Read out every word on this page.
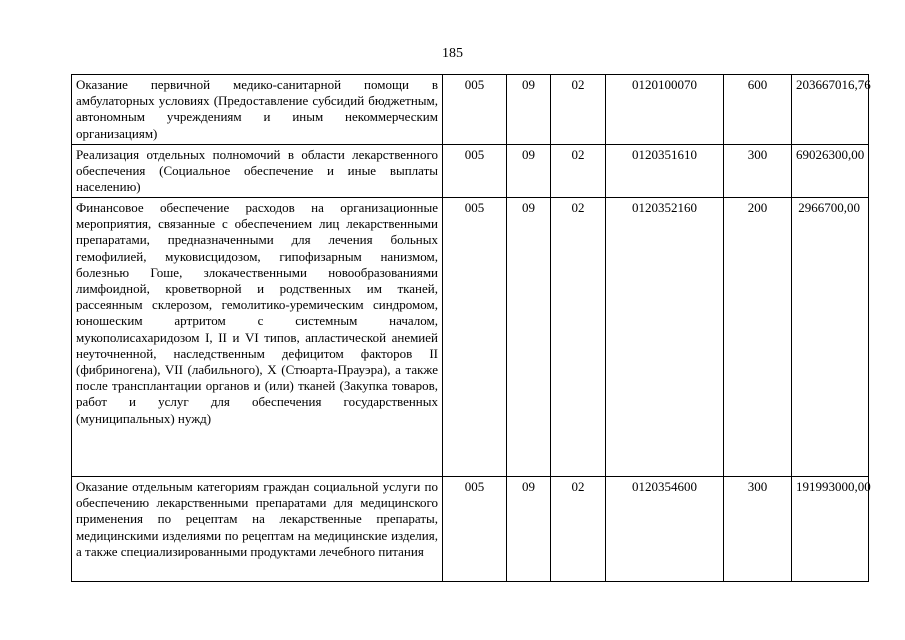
185
Оказание первичной медико-санитарной помощи в амбулаторных условиях (Предоставление субсидий бюджетным, автономным учреждениям и иным некоммерческим организациям)	005	09	02	0120100070	600	203667016,76
Реализация отдельных полномочий в области лекарственного обеспечения (Социальное обеспечение и иные выплаты населению)	005	09	02	0120351610	300	69026300,00
Финансовое обеспечение расходов на организационные мероприятия, связанные с обеспечением лиц лекарственными препаратами, предназначенными для лечения больных гемофилией, муковисцидозом, гипофизарным нанизмом, болезнью Гоше, злокачественными новообразованиями лимфоидной, кроветворной и родственных им тканей, рассеянным склерозом, гемолитико-уремическим синдромом, юношеским артритом с системным началом, мукополисахаридозом I, II и VI типов, апластической анемией неуточненной, наследственным дефицитом факторов II (фибриногена), VII (лабильного), X (Стюарта-Прауэра), а также после трансплантации органов и (или) тканей (Закупка товаров, работ и услуг для обеспечения государственных (муниципальных) нужд)	005	09	02	0120352160	200	2966700,00
Оказание отдельным категориям граждан социальной услуги по обеспечению лекарственными препаратами для медицинского применения по рецептам на лекарственные препараты, медицинскими изделиями по рецептам на медицинские изделия, а также специализированными продуктами лечебного питания	005	09	02	0120354600	300	191993000,00
